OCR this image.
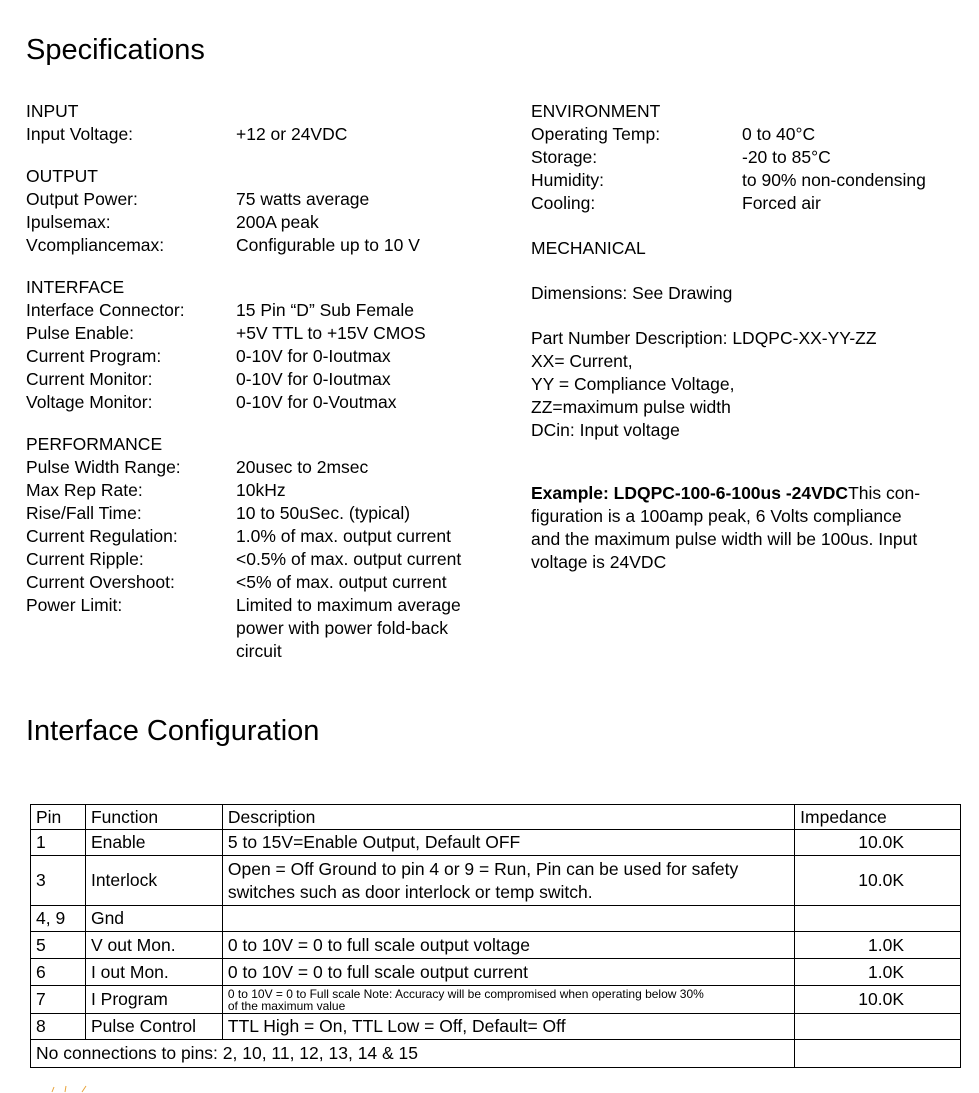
Specifications
INPUT
Input Voltage:	+12 or 24VDC
OUTPUT
Output Power:	75 watts average
Ipulsemax:	200A peak
Vcompliancemax:	Configurable up to 10 V
INTERFACE
Interface Connector:	15 Pin “D” Sub Female
Pulse Enable:	+5V TTL to +15V CMOS
Current Program:	0-10V for 0-Ioutmax
Current Monitor:	0-10V for 0-Ioutmax
Voltage Monitor:	0-10V for 0-Voutmax
PERFORMANCE
Pulse Width Range:	20usec to 2msec
Max Rep Rate:	10kHz
Rise/Fall Time:	10 to 50uSec. (typical)
Current Regulation:	1.0% of max. output current
Current Ripple:	<0.5% of max. output current
Current Overshoot:	<5% of max. output current
Power Limit:	Limited to maximum average
power with power fold-back
circuit
ENVIRONMENT
Operating Temp:	0 to 40°C
Storage:	-20 to 85°C
Humidity:	to 90% non-condensing
Cooling:	Forced air
MECHANICAL
Dimensions: See Drawing
Part Number Description: LDQPC-XX-YY-ZZ
XX= Current,
YY = Compliance Voltage,
ZZ=maximum pulse width
DCin: Input voltage
Example: LDQPC-100-6-100us -24VDCThis con-
figuration is a 100amp peak, 6 Volts compliance
and the maximum pulse width will be 100us. Input
voltage is 24VDC
Interface Configuration
Pin	Function	Description	Impedance
1	Enable	5 to 15V=Enable Output, Default OFF	10.0K
3	Interlock	Open = Off Ground to pin 4 or 9 = Run, Pin can be used for safety
switches such as door interlock or temp switch.	10.0K
4, 9	Gnd		
5	V out Mon.	0 to 10V = 0 to full scale output voltage	1.0K
6	I out Mon.	0 to 10V = 0 to full scale output current	1.0K
7	I Program	0 to 10V = 0 to Full scale Note: Accuracy will be compromised when operating below 30%
of the maximum value	10.0K
8	Pulse Control	TTL High = On, TTL Low = Off, Default= Off	
No connections to pins: 2, 10, 11, 12, 13, 14 & 15			
